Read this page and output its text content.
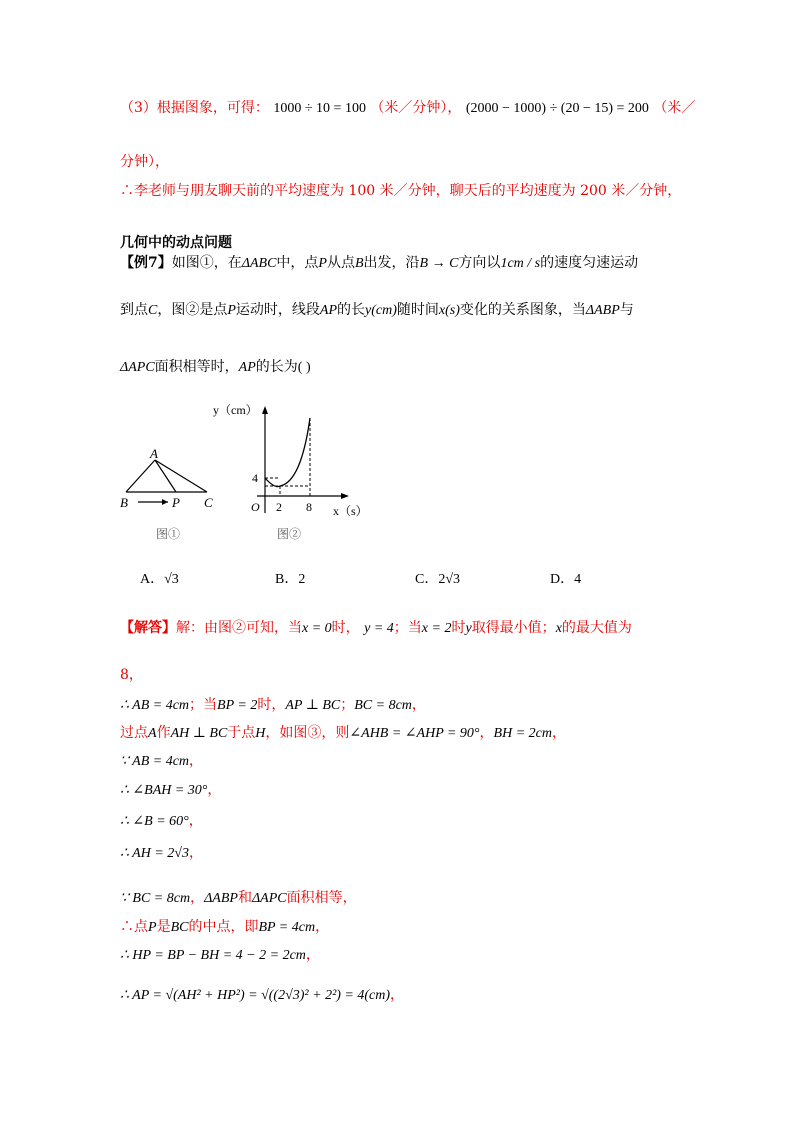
（3）根据图象，可得： 1000 ÷ 10 = 100 （米／分钟）， (2000 − 1000) ÷ (20 − 15) = 200 （米／
分钟），
∴李老师与朋友聊天前的平均速度为 100 米／分钟，聊天后的平均速度为 200 米／分钟，
几何中的动点问题
【例7】如图①，在ΔABC中，点P从点B出发，沿B → C方向以1cm / s的速度匀速运动
到点C，图②是点P运动时，线段AP的长y(cm)随时间x(s)变化的关系图象，当ΔABP与
ΔAPC面积相等时，AP的长为( )
A
B	P C
图①
y（cm）
4
O 2 8 x（s）
图②
A．√3	B．2	C．2√3	D．4
【解答】解：由图②可知，当x = 0时， y = 4；当x = 2时y取得最小值；x的最大值为
8，
∴ AB = 4cm；当BP = 2时，AP ⊥ BC；BC = 8cm，
过点A作AH ⊥ BC于点H，如图③，则∠AHB = ∠AHP = 90°，BH = 2cm，
∵ AB = 4cm，
∴ ∠BAH = 30°，
∴ ∠B = 60°，
∴ AH = 2√3，
∵ BC = 8cm，ΔABP和ΔAPC面积相等，
∴点P是BC的中点，即BP = 4cm，
∴ HP = BP − BH = 4 − 2 = 2cm，
∴ AP = √(AH² + HP²) = √((2√3)² + 2²) = 4(cm)，
